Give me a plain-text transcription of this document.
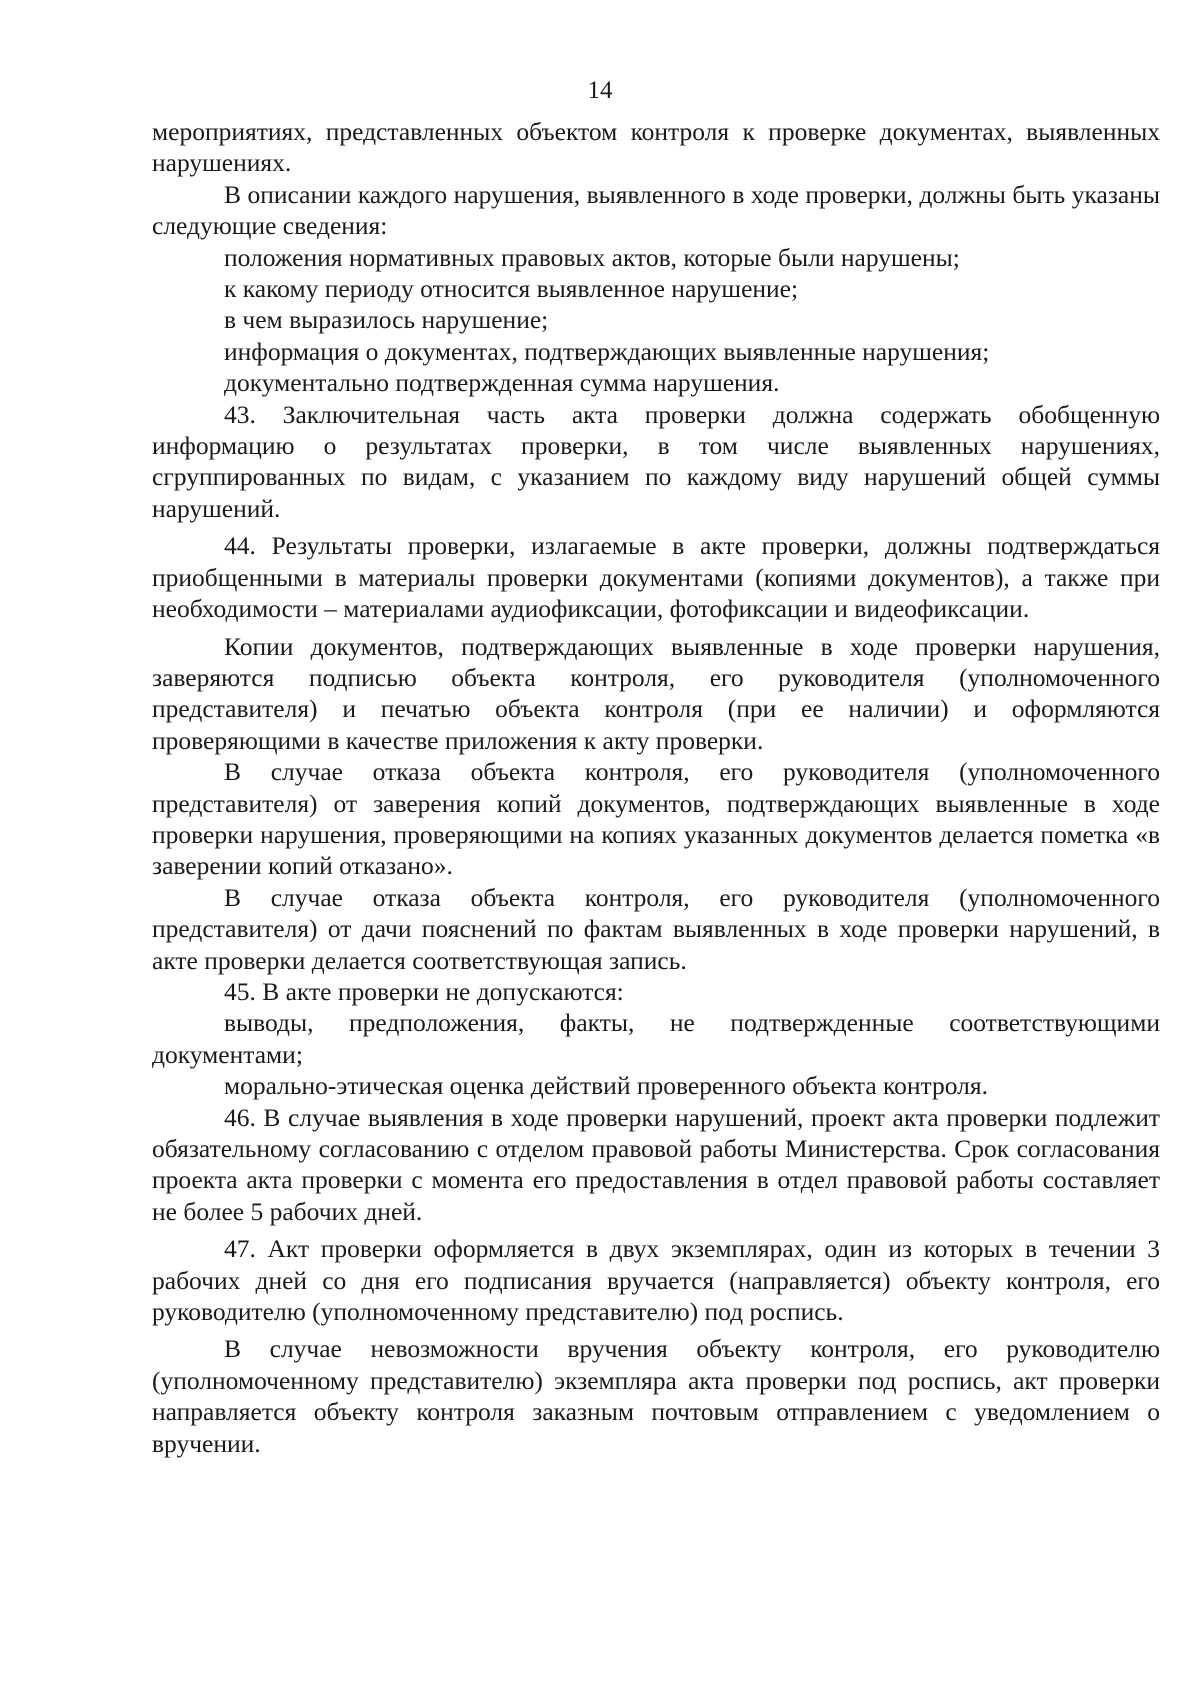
14

мероприятиях, представленных объектом контроля к проверке документах, выявленных нарушениях.

В описании каждого нарушения, выявленного в ходе проверки, должны быть указаны следующие сведения:

положения нормативных правовых актов, которые были нарушены;

к какому периоду относится выявленное нарушение;

в чем выразилось нарушение;

информация о документах, подтверждающих выявленные нарушения;

документально подтвержденная сумма нарушения.

43. Заключительная часть акта проверки должна содержать обобщенную информацию о результатах проверки, в том числе выявленных нарушениях, сгруппированных по видам, с указанием по каждому виду нарушений общей суммы нарушений.

44. Результаты проверки, излагаемые в акте проверки, должны подтверждаться приобщенными в материалы проверки документами (копиями документов), а также при необходимости – материалами аудиофиксации, фотофиксации и видеофиксации.

Копии документов, подтверждающих выявленные в ходе проверки нарушения, заверяются подписью объекта контроля, его руководителя (уполномоченного представителя) и печатью объекта контроля (при ее наличии) и оформляются проверяющими в качестве приложения к акту проверки.

В случае отказа объекта контроля, его руководителя (уполномоченного представителя) от заверения копий документов, подтверждающих выявленные в ходе проверки нарушения, проверяющими на копиях указанных документов делается пометка «в заверении копий отказано».

В случае отказа объекта контроля, его руководителя (уполномоченного представителя) от дачи пояснений по фактам выявленных в ходе проверки нарушений, в акте проверки делается соответствующая запись.

45. В акте проверки не допускаются:

выводы, предположения, факты, не подтвержденные соответствующими документами;

морально-этическая оценка действий проверенного объекта контроля.

46. В случае выявления в ходе проверки нарушений, проект акта проверки подлежит обязательному согласованию с отделом правовой работы Министерства. Срок согласования проекта акта проверки с момента его предоставления в отдел правовой работы составляет не более 5 рабочих дней.

47. Акт проверки оформляется в двух экземплярах, один из которых в течении 3 рабочих дней со дня его подписания вручается (направляется) объекту контроля, его руководителю (уполномоченному представителю) под роспись.

В случае невозможности вручения объекту контроля, его руководителю (уполномоченному представителю) экземпляра акта проверки под роспись, акт проверки направляется объекту контроля заказным почтовым отправлением с уведомлением о вручении.
